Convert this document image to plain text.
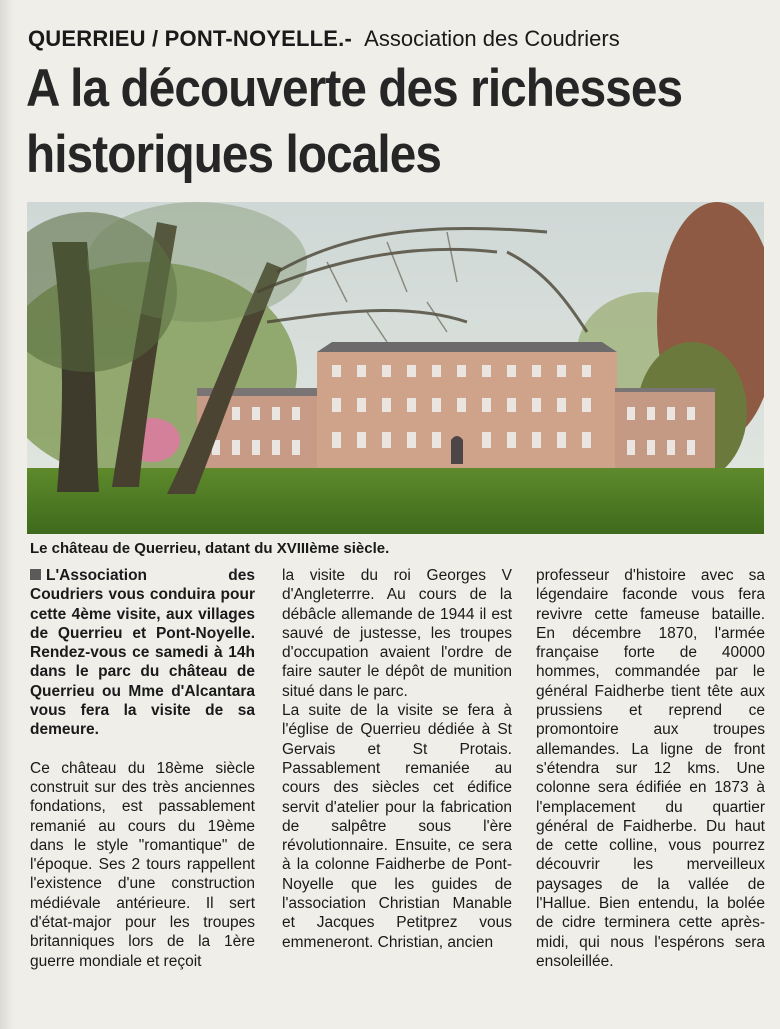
QUERRIEU / PONT-NOYELLE.- Association des Coudriers
A la découverte des richesses historiques locales
Le château de Querrieu, datant du XVIIIème siècle.

L'Association des Coudriers vous conduira pour cette 4ème visite, aux villages de Querrieu et Pont-Noyelle. Rendez-vous ce samedi à 14h dans le parc du château de Querrieu ou Mme d'Alcantara vous fera la visite de sa demeure.

Ce château du 18ème siècle construit sur des très anciennes fondations, est passablement remanié au cours du 19ème dans le style "romantique" de l'époque. Ses 2 tours rappellent l'existence d'une construction médiévale antérieure. Il sert d'état-major pour les troupes britanniques lors de la 1ère guerre mondiale et reçoit

la visite du roi Georges V d'Angleterrre. Au cours de la débâcle allemande de 1944 il est sauvé de justesse, les troupes d'occupation avaient l'ordre de faire sauter le dépôt de munition situé dans le parc.

La suite de la visite se fera à l'église de Querrieu dédiée à St Gervais et St Protais. Passablement remaniée au cours des siècles cet édifice servit d'atelier pour la fabrication de salpêtre sous l'ère révolutionnaire. Ensuite, ce sera à la colonne Faidherbe de Pont-Noyelle que les guides de l'association Christian Manable et Jacques Petitprez vous emmeneront. Christian, ancien

professeur d'histoire avec sa légendaire faconde vous fera revivre cette fameuse bataille. En décembre 1870, l'armée française forte de 40000 hommes, commandée par le général Faidherbe tient tête aux prussiens et reprend ce promontoire aux troupes allemandes. La ligne de front s'étendra sur 12 kms. Une colonne sera édifiée en 1873 à l'emplacement du quartier général de Faidherbe. Du haut de cette colline, vous pourrez découvrir les merveilleux paysages de la vallée de l'Hallue. Bien entendu, la bolée de cidre terminera cette après-midi, qui nous l'espérons sera ensoleillée.
